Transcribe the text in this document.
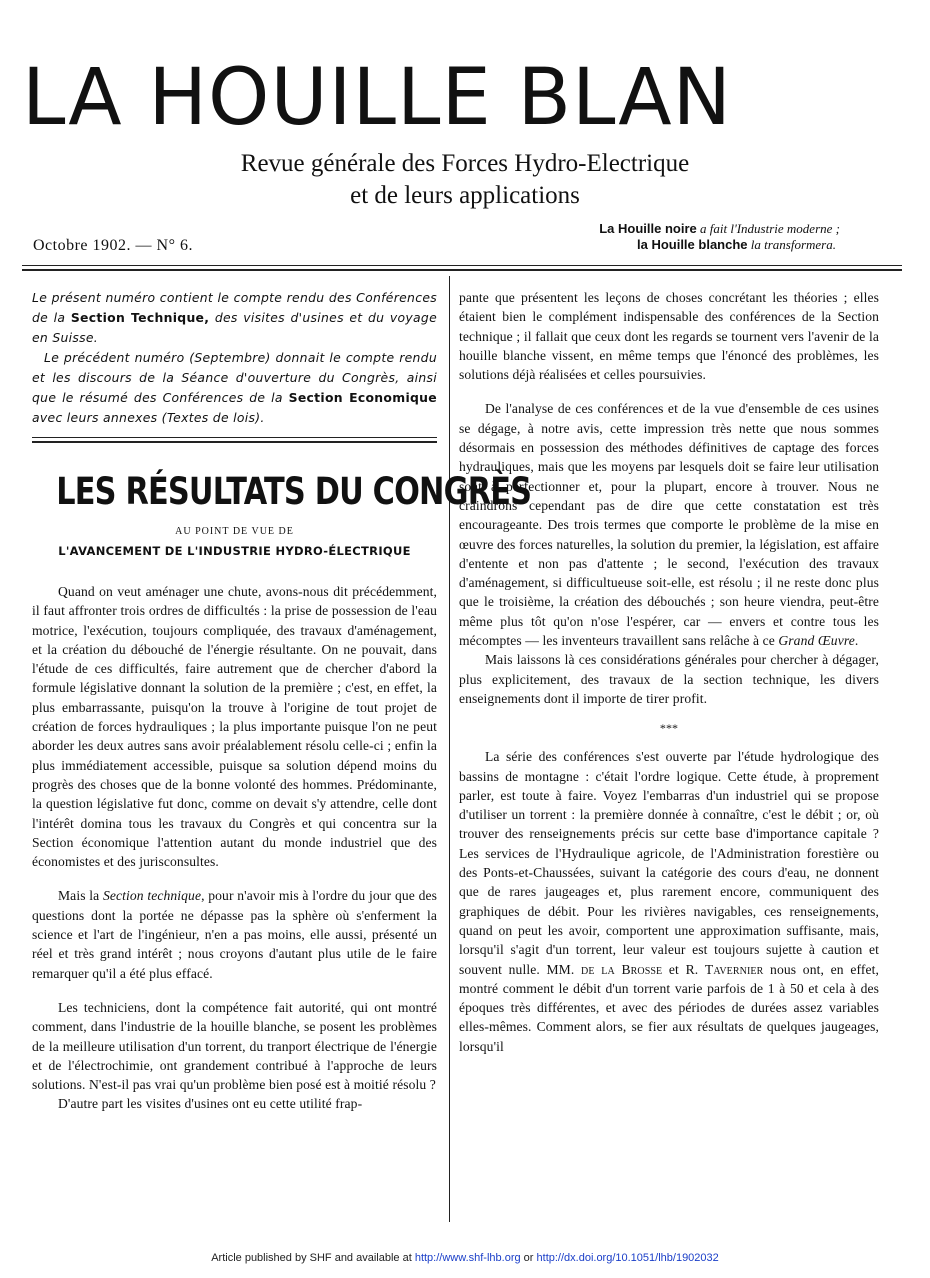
LA HOUILLE BLAN
Revue générale des Forces Hydro-Electrique
et de leurs applications
Octobre 1902. — N° 6.
La Houille noire a fait l'Industrie moderne ;
la Houille blanche la transformera.

Le présent numéro contient le compte rendu des Conférences de la Section Technique, des visites d'usines et du voyage en Suisse.

Le précédent numéro (Septembre) donnait le compte rendu et les discours de la Séance d'ouverture du Congrès, ainsi que le résumé des Conférences de la Section Economique avec leurs annexes (Textes de lois).

LES RÉSULTATS DU CONGRÈS
AU POINT DE VUE DE
L'AVANCEMENT DE L'INDUSTRIE HYDRO-ÉLECTRIQUE

Quand on veut aménager une chute, avons-nous dit précédemment, il faut affronter trois ordres de difficultés : la prise de possession de l'eau motrice, l'exécution, toujours compliquée, des travaux d'aménagement, et la création du débouché de l'énergie résultante. On ne pouvait, dans l'étude de ces difficultés, faire autrement que de chercher d'abord la formule législative donnant la solution de la première ; c'est, en effet, la plus embarrassante, puisqu'on la trouve à l'origine de tout projet de création de forces hydrauliques ; la plus importante puisque l'on ne peut aborder les deux autres sans avoir préalablement résolu celle-ci ; enfin la plus immédiatement accessible, puisque sa solution dépend moins du progrès des choses que de la bonne volonté des hommes. Prédominante, la question législative fut donc, comme on devait s'y attendre, celle dont l'intérêt domina tous les travaux du Congrès et qui concentra sur la Section économique l'attention autant du monde industriel que des économistes et des jurisconsultes.

Mais la Section technique, pour n'avoir mis à l'ordre du jour que des questions dont la portée ne dépasse pas la sphère où s'enferment la science et l'art de l'ingénieur, n'en a pas moins, elle aussi, présenté un réel et très grand intérêt ; nous croyons d'autant plus utile de le faire remarquer qu'il a été plus effacé.

Les techniciens, dont la compétence fait autorité, qui ont montré comment, dans l'industrie de la houille blanche, se posent les problèmes de la meilleure utilisation d'un torrent, du tranport électrique de l'énergie et de l'électrochimie, ont grandement contribué à l'approche de leurs solutions. N'est-il pas vrai qu'un problème bien posé est à moitié résolu ?

D'autre part les visites d'usines ont eu cette utilité frap-

pante que présentent les leçons de choses concrétant les théories ; elles étaient bien le complément indispensable des conférences de la Section technique ; il fallait que ceux dont les regards se tournent vers l'avenir de la houille blanche vissent, en même temps que l'énoncé des problèmes, les solutions déjà réalisées et celles poursuivies.

De l'analyse de ces conférences et de la vue d'ensemble de ces usines se dégage, à notre avis, cette impression très nette que nous sommes désormais en possession des méthodes définitives de captage des forces hydrauliques, mais que les moyens par lesquels doit se faire leur utilisation sont à perfectionner et, pour la plupart, encore à trouver. Nous ne craindrons cependant pas de dire que cette constatation est très encourageante. Des trois termes que comporte le problème de la mise en œuvre des forces naturelles, la solution du premier, la législation, est affaire d'entente et non pas d'attente ; le second, l'exécution des travaux d'aménagement, si difficultueuse soit-elle, est résolu ; il ne reste donc plus que le troisième, la création des débouchés ; son heure viendra, peut-être même plus tôt qu'on n'ose l'espérer, car — envers et contre tous les mécomptes — les inventeurs travaillent sans relâche à ce Grand Œuvre.

Mais laissons là ces considérations générales pour chercher à dégager, plus explicitement, des travaux de la section technique, les divers enseignements dont il importe de tirer profit.

***

La série des conférences s'est ouverte par l'étude hydrologique des bassins de montagne : c'était l'ordre logique. Cette étude, à proprement parler, est toute à faire. Voyez l'embarras d'un industriel qui se propose d'utiliser un torrent : la première donnée à connaître, c'est le débit ; or, où trouver des renseignements précis sur cette base d'importance capitale ? Les services de l'Hydraulique agricole, de l'Administration forestière ou des Ponts-et-Chaussées, suivant la catégorie des cours d'eau, ne donnent que de rares jaugeages et, plus rarement encore, communiquent des graphiques de débit. Pour les rivières navigables, ces renseignements, quand on peut les avoir, comportent une approximation suffisante, mais, lorsqu'il s'agit d'un torrent, leur valeur est toujours sujette à caution et souvent nulle. MM. de la Brosse et R. Tavernier nous ont, en effet, montré comment le débit d'un torrent varie parfois de 1 à 50 et cela à des époques très différentes, et avec des périodes de durées assez variables elles-mêmes. Comment alors, se fier aux résultats de quelques jaugeages, lorsqu'il

Article published by SHF and available at http://www.shf-lhb.org or http://dx.doi.org/10.1051/lhb/1902032
